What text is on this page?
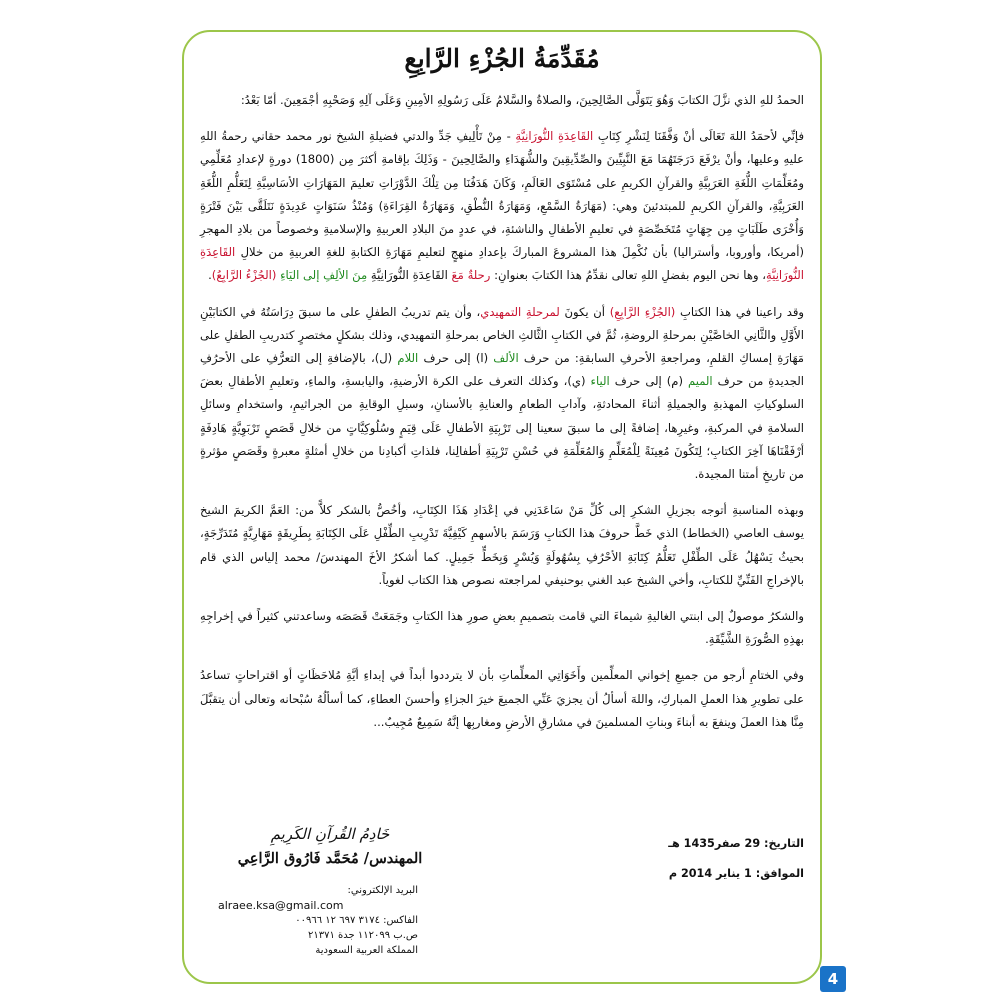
مُقَدِّمَةُ الجُزْءِ الرَّابِعِ

الحمدُ للهِ الذي نزَّلَ الكتابَ وَهُوَ يَتَوَلَّى الصَّالِحِينَ، والصلاةُ والسَّلامُ عَلَى رَسُولِهِ الأمِينِ وَعَلَى آلِهِ وَصَحْبِهِ أجْمَعِينَ. أمّا بَعْدُ:

فإنِّي لأحمَدُ اللهَ تَعَالَى أنْ وَفَّقَنَا لِنَشْرِ كِتَابِ القَاعِدَةِ النُّورَانِيَّةِ - مِنْ تَأْلِيفِ جَدِّ والدتي فضيلةِ الشيخ نور محمد حقاني رحمةُ اللهِ عليهِ وعليها، وأنْ يرْفَعَ دَرَجَتَهُمَا مَعَ النَّبِيِّينَ والصِّدِّيقِينَ والشُّهَدَاءِ والصَّالِحِينَ - وَذَلِكَ بإقامةِ أكثرَ مِن (1800) دورةٍ لإعدادِ مُعَلِّمِي ومُعَلِّمَاتِ اللُّغَةِ العَرَبِيَّةِ والقرآنِ الكريمِ على مُسْتَوَى العَالَمِ، وَكَانَ هَدَفُنَا مِن تِلْكَ الدَّوْرَاتِ تعليمَ المَهَارَاتِ الأسَاسِيَّةِ لِتَعَلُّمِ اللُّغَةِ العَرَبِيَّةِ، والقرآنِ الكريمِ للمبتدئينَ وهي: (مَهَارَةُ السَّمْعِ، وَمَهَارَةُ النُّطْقِ، وَمَهَارَةُ القِرَاءَةِ) وَمُنْذُ سَنَوَاتٍ عَدِيدَةٍ نَتَلَقَّى بَيْنَ فَتْرَةٍ وَأُخْرَى طَلَبَاتٍ مِن جِهَاتٍ مُتَخَصِّصَةٍ في تعليمِ الأطفالِ والناشئةِ، في عددٍ منَ البلادِ العربيةِ والإسلاميةِ وخصوصاً من بلادِ المهجرِ (أمريكا، وأوروبا، وأستراليا) بأن نُكْمِلَ هذا المشروعَ المباركَ بإعدادِ منهجٍ لتعليمِ مَهَارَةِ الكتابةِ للغةِ العربيةِ من خلالِ القَاعِدَةِ النُّورَانِيَّةِ، وها نحن اليوم بفضلِ اللهِ تعالى نقدِّمُ هذا الكتابَ بعنوانِ: رحلةٌ مَعَ القَاعِدَةِ النُّورَانِيَّةِ مِنَ الألِفِ إلى اليَاءِ (الجُزْءُ الرَّابِعُ).

وقد راعينا في هذا الكتابِ (الجُزْءِ الرَّابِعِ) أن يكونَ لمرحلةِ التمهيدي، وأن يتم تدريبُ الطفلِ على ما سبقَ دِرَاسَتُهُ في الكتابَيْنِ الأَوَّلِ والثَّانِي الخاصَّيْنِ بمرحلةِ الروضةِ، ثُمَّ في الكتابِ الثَّالثِ الخاص بمرحلةِ التمهيدي، وذلك بشكلٍ مختصرٍ كتدريبِ الطفلِ على مَهَارَةِ إمساكِ القلمِ، ومراجعةِ الأحرفِ السابقةِ: من حرف الألف (ا) إلى حرف اللام (ل)، بالإضافةِ إلى التعرُّفِ على الأحرُفِ الجديدةِ من حرف الميم (م) إلى حرف الياء (ي)، وكذلك التعرف على الكرة الأرضيةِ، واليابسةِ، والماءِ، وتعليمِ الأطفالِ بعضَ السلوكياتِ المهذبةِ والجميلةِ أثناءَ المحادثةِ، وآدابِ الطعامِ والعنايةِ بالأسنانِ، وسبلِ الوقايةِ من الجراثيمِ، واستخدامِ وسائلِ السلامةِ في المركبةِ، وغيرِها، إضافةً إلى ما سبقَ سعينا إلى تَرْبِيَةِ الأطفالِ عَلَى قِيَمٍ وسُلُوكِيَّاتٍ من خلالِ قَصَصٍ تَرْبَوِيَّةٍ هَادِفَةٍ أرْفَقْنَاهَا آخِرَ الكتابِ؛ لِتَكُونَ مُعِينَةً لِلْمُعَلِّمِ وَالمُعَلِّمَةِ في حُسْنِ تَرْبِيَةِ أطفالِنا، فلذاتِ أكبادِنا من خلالِ أمثلةٍ معبرةٍ وقَصَصٍ مؤثرةٍ من تاريخِ أمتنا المجيدة.

وبهذه المناسبةِ أتوجه بجزيلِ الشكرِ إلى كُلِّ مَنْ سَاعَدَنِي في إعْدَادِ هَذَا الكِتَابِ، وأخُصُّ بالشكر كلاًّ من: العَمَّ الكريمَ الشيخ يوسف العاصي (الخطاط) الذي خَطَّ حروفَ هذا الكتابِ وَرَسَمَ بالأسهمِ كَيْفِيَّةَ تَدْرِيبِ الطِّفْلِ عَلَى الكِتَابَةِ بِطَرِيقَةٍ مَهَارِيَّةٍ مُتَدَرِّجَةٍ، بحيثُ يَسْهُلُ عَلَى الطِّفْلِ تَعَلُّمُ كِتَابَةِ الأحْرُفِ بِسُهُولَةٍ وَيُسْرٍ وَبِخَطٍّ جَمِيلٍ. كما أشكرُ الأخَ المهندسَ/ محمد إلياس الذي قام بالإخراجِ الفَنِّيِّ للكتابِ، وأخي الشيخ عبد الغني بوحنيفي لمراجعته نصوص هذا الكتاب لغوياً.

والشكرُ موصولٌ إلى ابنتي الغاليةِ شيماءَ التي قامت بتصميمِ بعضِ صورِ هذا الكتابِ وجَمَعَتْ قَصَصَه وساعدتني كثيراً في إخراجِهِ بهذِهِ الصُّورَةِ الشَّيِّقَةِ.

وفي الختامِ أرجو من جميعِ إخواني المعلِّمين وأَخَوَاتِي المعلِّماتِ بأن لا يترددوا أبداً في إبداءِ أيَّةِ مُلاحَظَاتٍ أو اقتراحاتٍ تساعدُ على تطويرِ هذا العملِ المباركِ، واللهَ أسألُ أن يجزيَ عَنِّي الجميعَ خيرَ الجزاءِ وأحسنَ العطاءِ، كما أسألُهُ سُبْحانه وتعالى أن يتقبَّلَ مِنَّا هذا العملَ وينفعَ به أبناءَ وبناتِ المسلمينَ في مشارقِ الأرضِ ومغاربِها إنَّهُ سَمِيعٌ مُجِيبٌ...

خَادِمُ القُرآنِ الكَرِيمِ
المهندس/ مُحَمَّد فَارُوق الرَّاعِي
البريد الإلكتروني:
alraee.ksa@gmail.com
الفاكس: ٣١٧٤ ٦٩٧ ١٢ ٠٠٩٦٦
ص.ب ١١٢٠٩٩ جدة ٢١٣٧١
المملكة العربية السعودية
التاريخ: 29 صفر1435 هـ
الموافق: 1 يناير 2014 م
4
